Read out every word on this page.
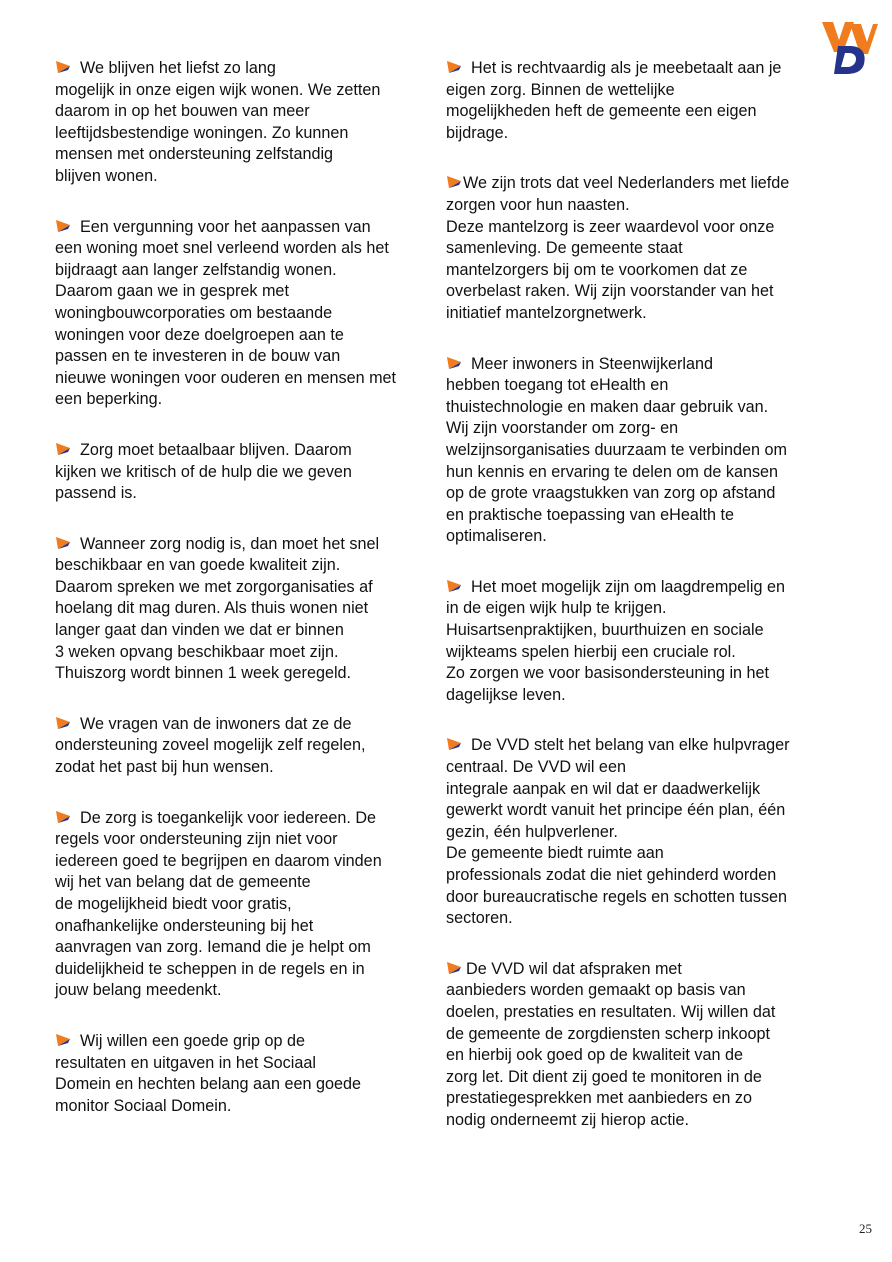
We blijven het liefst zo lang
mogelijk in onze eigen wijk wonen. We zetten
daarom in op het bouwen van meer
leeftijdsbestendige woningen. Zo kunnen
mensen met ondersteuning zelfstandig
blijven wonen.

Een vergunning voor het aanpassen van
een woning moet snel verleend worden als het
bijdraagt aan langer zelfstandig wonen.
Daarom gaan we in gesprek met
woningbouwcorporaties om bestaande
woningen voor deze doelgroepen aan te
passen en te investeren in de bouw van
nieuwe woningen voor ouderen en mensen met
een beperking.

Zorg moet betaalbaar blijven. Daarom
kijken we kritisch of de hulp die we geven
passend is.

Wanneer zorg nodig is, dan moet het snel
beschikbaar en van goede kwaliteit zijn.
Daarom spreken we met zorgorganisaties af
hoelang dit mag duren. Als thuis wonen niet
langer gaat dan vinden we dat er binnen
3 weken opvang beschikbaar moet zijn.
Thuiszorg wordt binnen 1 week geregeld.

We vragen van de inwoners dat ze de
ondersteuning zoveel mogelijk zelf regelen,
zodat het past bij hun wensen.

De zorg is toegankelijk voor iedereen. De
regels voor ondersteuning zijn niet voor
iedereen goed te begrijpen en daarom vinden
wij het van belang dat de gemeente
de mogelijkheid biedt voor gratis,
onafhankelijke ondersteuning bij het
aanvragen van zorg. Iemand die je helpt om
duidelijkheid te scheppen in de regels en in
jouw belang meedenkt.

Wij willen een goede grip op de
resultaten en uitgaven in het Sociaal
Domein en hechten belang aan een goede
monitor Sociaal Domein.

Het is rechtvaardig als je meebetaalt aan je
eigen zorg. Binnen de wettelijke
mogelijkheden heft de gemeente een eigen
bijdrage.

We zijn trots dat veel Nederlanders met liefde
zorgen voor hun naasten.
Deze mantelzorg is zeer waardevol voor onze
samenleving. De gemeente staat
mantelzorgers bij om te voorkomen dat ze
overbelast raken. Wij zijn voorstander van het
initiatief mantelzorgnetwerk.

Meer inwoners in Steenwijkerland
hebben toegang tot eHealth en
thuistechnologie en maken daar gebruik van.
Wij zijn voorstander om zorg- en
welzijnsorganisaties duurzaam te verbinden om
hun kennis en ervaring te delen om de kansen
op de grote vraagstukken van zorg op afstand
en praktische toepassing van eHealth te
optimaliseren.

Het moet mogelijk zijn om laagdrempelig en
in de eigen wijk hulp te krijgen.
Huisartsenpraktijken, buurthuizen en sociale
wijkteams spelen hierbij een cruciale rol.
Zo zorgen we voor basisondersteuning in het
dagelijkse leven.

De VVD stelt het belang van elke hulpvrager
centraal. De VVD wil een
integrale aanpak en wil dat er daadwerkelijk
gewerkt wordt vanuit het principe één plan, één
gezin, één hulpverlener.
De gemeente biedt ruimte aan
professionals zodat die niet gehinderd worden
door bureaucratische regels en schotten tussen
sectoren.

De VVD wil dat afspraken met
aanbieders worden gemaakt op basis van
doelen, prestaties en resultaten. Wij willen dat
de gemeente de zorgdiensten scherp inkoopt
en hierbij ook goed op de kwaliteit van de
zorg let. Dit dient zij goed te monitoren in de
prestatiegesprekken met aanbieders en zo
nodig onderneemt zij hierop actie.

25
